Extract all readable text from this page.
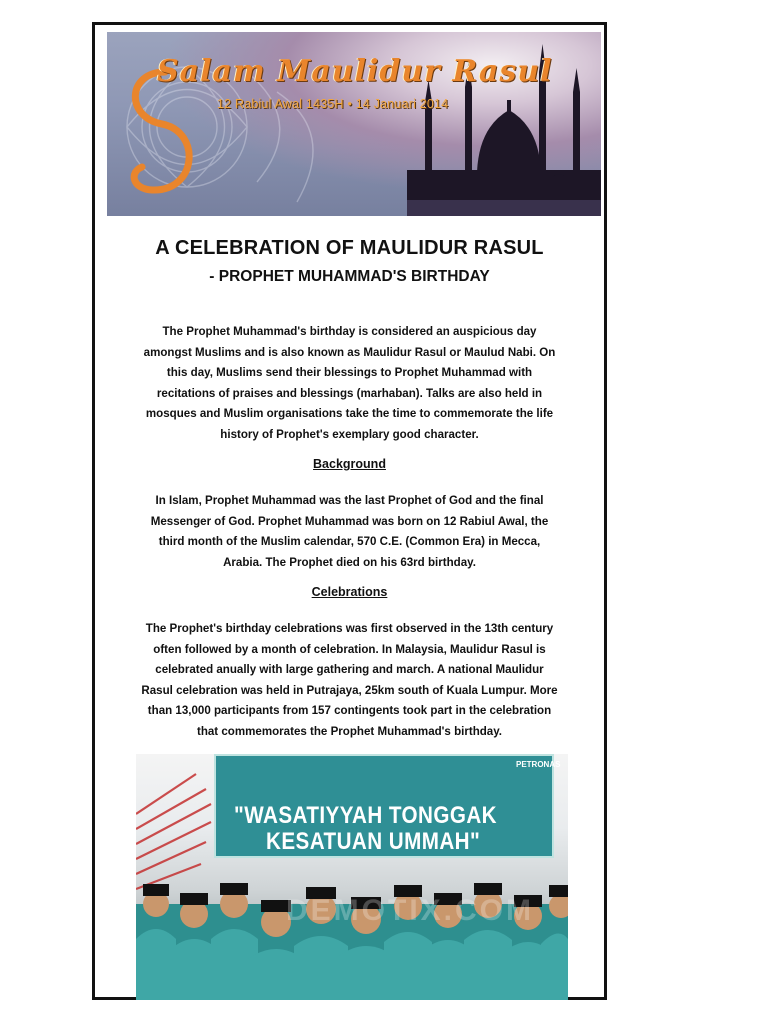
Salam Maulidur Rasul
12 Rabiul Awal 1435H • 14 Januari 2014
A CELEBRATION OF MAULIDUR RASUL
- PROPHET MUHAMMAD'S BIRTHDAY
The Prophet Muhammad's birthday is considered an auspicious day amongst Muslims and is also known as Maulidur Rasul or Maulud Nabi. On this day, Muslims send their blessings to Prophet Muhammad with recitations of praises and blessings (marhaban). Talks are also held in mosques and Muslim organisations take the time to commemorate the life history of Prophet's exemplary good character.
Background
In Islam, Prophet Muhammad was the last Prophet of God and the final Messenger of God. Prophet Muhammad was born on 12 Rabiul Awal, the third month of the Muslim calendar, 570 C.E. (Common Era) in Mecca, Arabia. The Prophet died on his 63rd birthday.
Celebrations
The Prophet's birthday celebrations was first observed in the 13th century often followed by a month of celebration. In Malaysia, Maulidur Rasul is celebrated anually with large gathering and march. A national Maulidur Rasul celebration was held in Putrajaya, 25km south of Kuala Lumpur. More than 13,000 participants from 157 contingents took part in the celebration that commemorates the Prophet Muhammad's birthday.
PETRONAS
"WASATIYYAH TONGGAK
KESATUAN UMMAH"
DEMOTIX.COM
